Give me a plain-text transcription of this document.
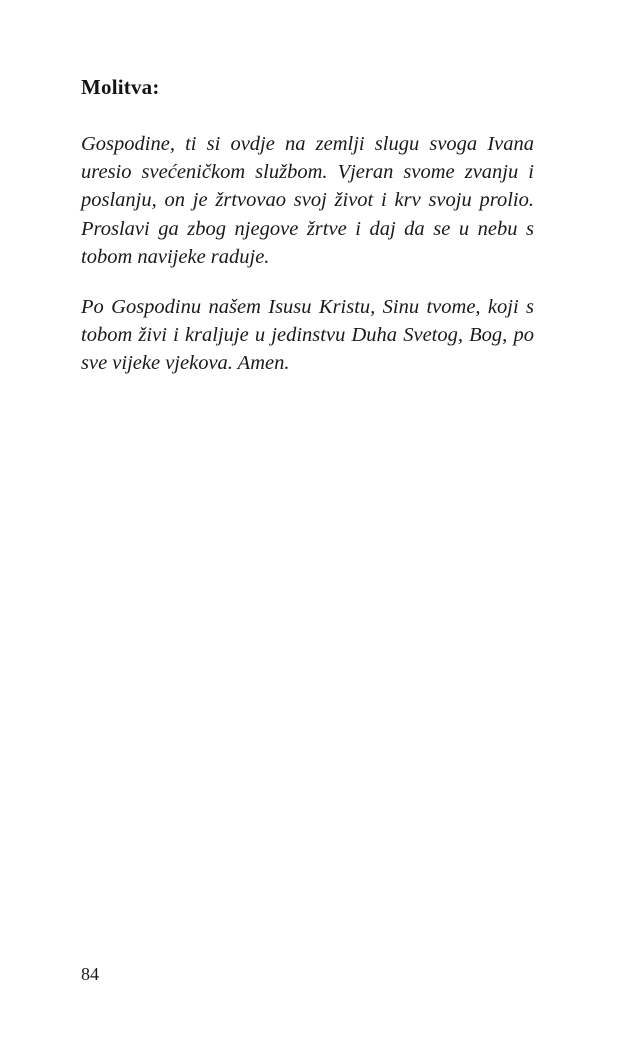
Molitva:

Gospodine, ti si ovdje na zemlji slugu svoga Ivana uresio svećeničkom službom. Vjeran svome zvanju i poslanju, on je žrtvovao svoj život i krv svoju prolio. Proslavi ga zbog njegove žrtve i daj da se u nebu s tobom navijeke raduje.

Po Gospodinu našem Isusu Kristu, Sinu tvome, koji s tobom živi i kraljuje u jedinstvu Duha Svetog, Bog, po sve vijeke vjekova. Amen.

84
